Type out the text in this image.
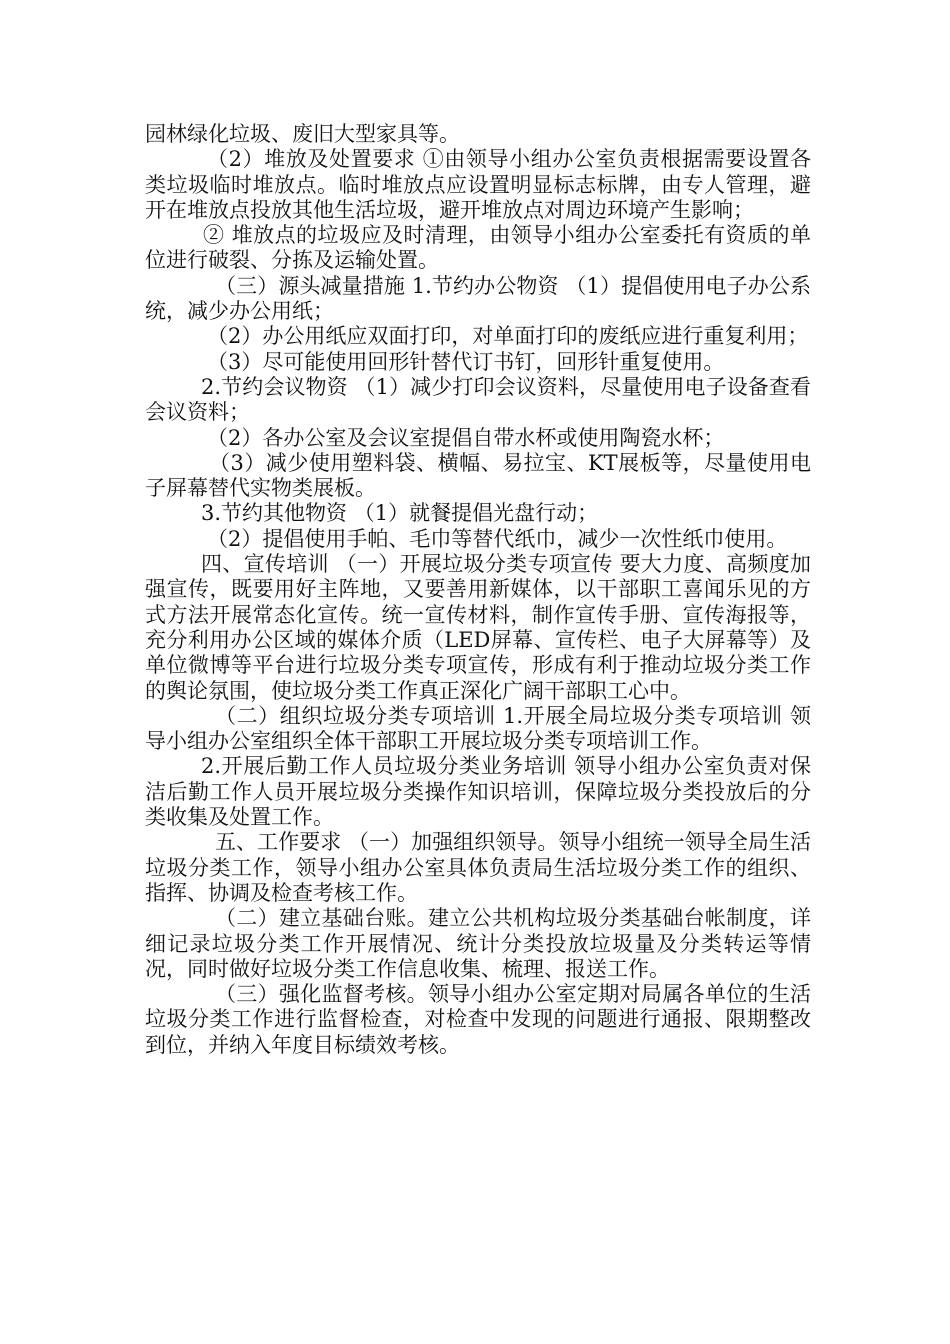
园林绿化垃圾、废旧大型家具等。

（2）堆放及处置要求 ①由领导小组办公室负责根据需要设置各类垃圾临时堆放点。临时堆放点应设置明显标志标牌，由专人管理，避开在堆放点投放其他生活垃圾，避开堆放点对周边环境产生影响；

② 堆放点的垃圾应及时清理，由领导小组办公室委托有资质的单位进行破裂、分拣及运输处置。

（三）源头减量措施 1.节约办公物资 （1）提倡使用电子办公系统，减少办公用纸；

（2）办公用纸应双面打印，对单面打印的废纸应进行重复利用；

（3）尽可能使用回形针替代订书钉，回形针重复使用。

2.节约会议物资 （1）减少打印会议资料，尽量使用电子设备查看会议资料；

（2）各办公室及会议室提倡自带水杯或使用陶瓷水杯；

（3）减少使用塑料袋、横幅、易拉宝、KT展板等，尽量使用电子屏幕替代实物类展板。

3.节约其他物资 （1）就餐提倡光盘行动；

（2）提倡使用手帕、毛巾等替代纸巾，减少一次性纸巾使用。

四、宣传培训 （一）开展垃圾分类专项宣传 要大力度、高频度加强宣传，既要用好主阵地，又要善用新媒体，以干部职工喜闻乐见的方式方法开展常态化宣传。统一宣传材料，制作宣传手册、宣传海报等，充分利用办公区域的媒体介质（LED屏幕、宣传栏、电子大屏幕等）及单位微博等平台进行垃圾分类专项宣传，形成有利于推动垃圾分类工作的舆论氛围，使垃圾分类工作真正深化广阔干部职工心中。

（二）组织垃圾分类专项培训 1.开展全局垃圾分类专项培训 领导小组办公室组织全体干部职工开展垃圾分类专项培训工作。

2.开展后勤工作人员垃圾分类业务培训 领导小组办公室负责对保洁后勤工作人员开展垃圾分类操作知识培训，保障垃圾分类投放后的分类收集及处置工作。

五、工作要求 （一）加强组织领导。领导小组统一领导全局生活垃圾分类工作，领导小组办公室具体负责局生活垃圾分类工作的组织、指挥、协调及检查考核工作。

（二）建立基础台账。建立公共机构垃圾分类基础台帐制度，详细记录垃圾分类工作开展情况、统计分类投放垃圾量及分类转运等情况，同时做好垃圾分类工作信息收集、梳理、报送工作。

（三）强化监督考核。领导小组办公室定期对局属各单位的生活垃圾分类工作进行监督检查，对检查中发现的问题进行通报、限期整改到位，并纳入年度目标绩效考核。
